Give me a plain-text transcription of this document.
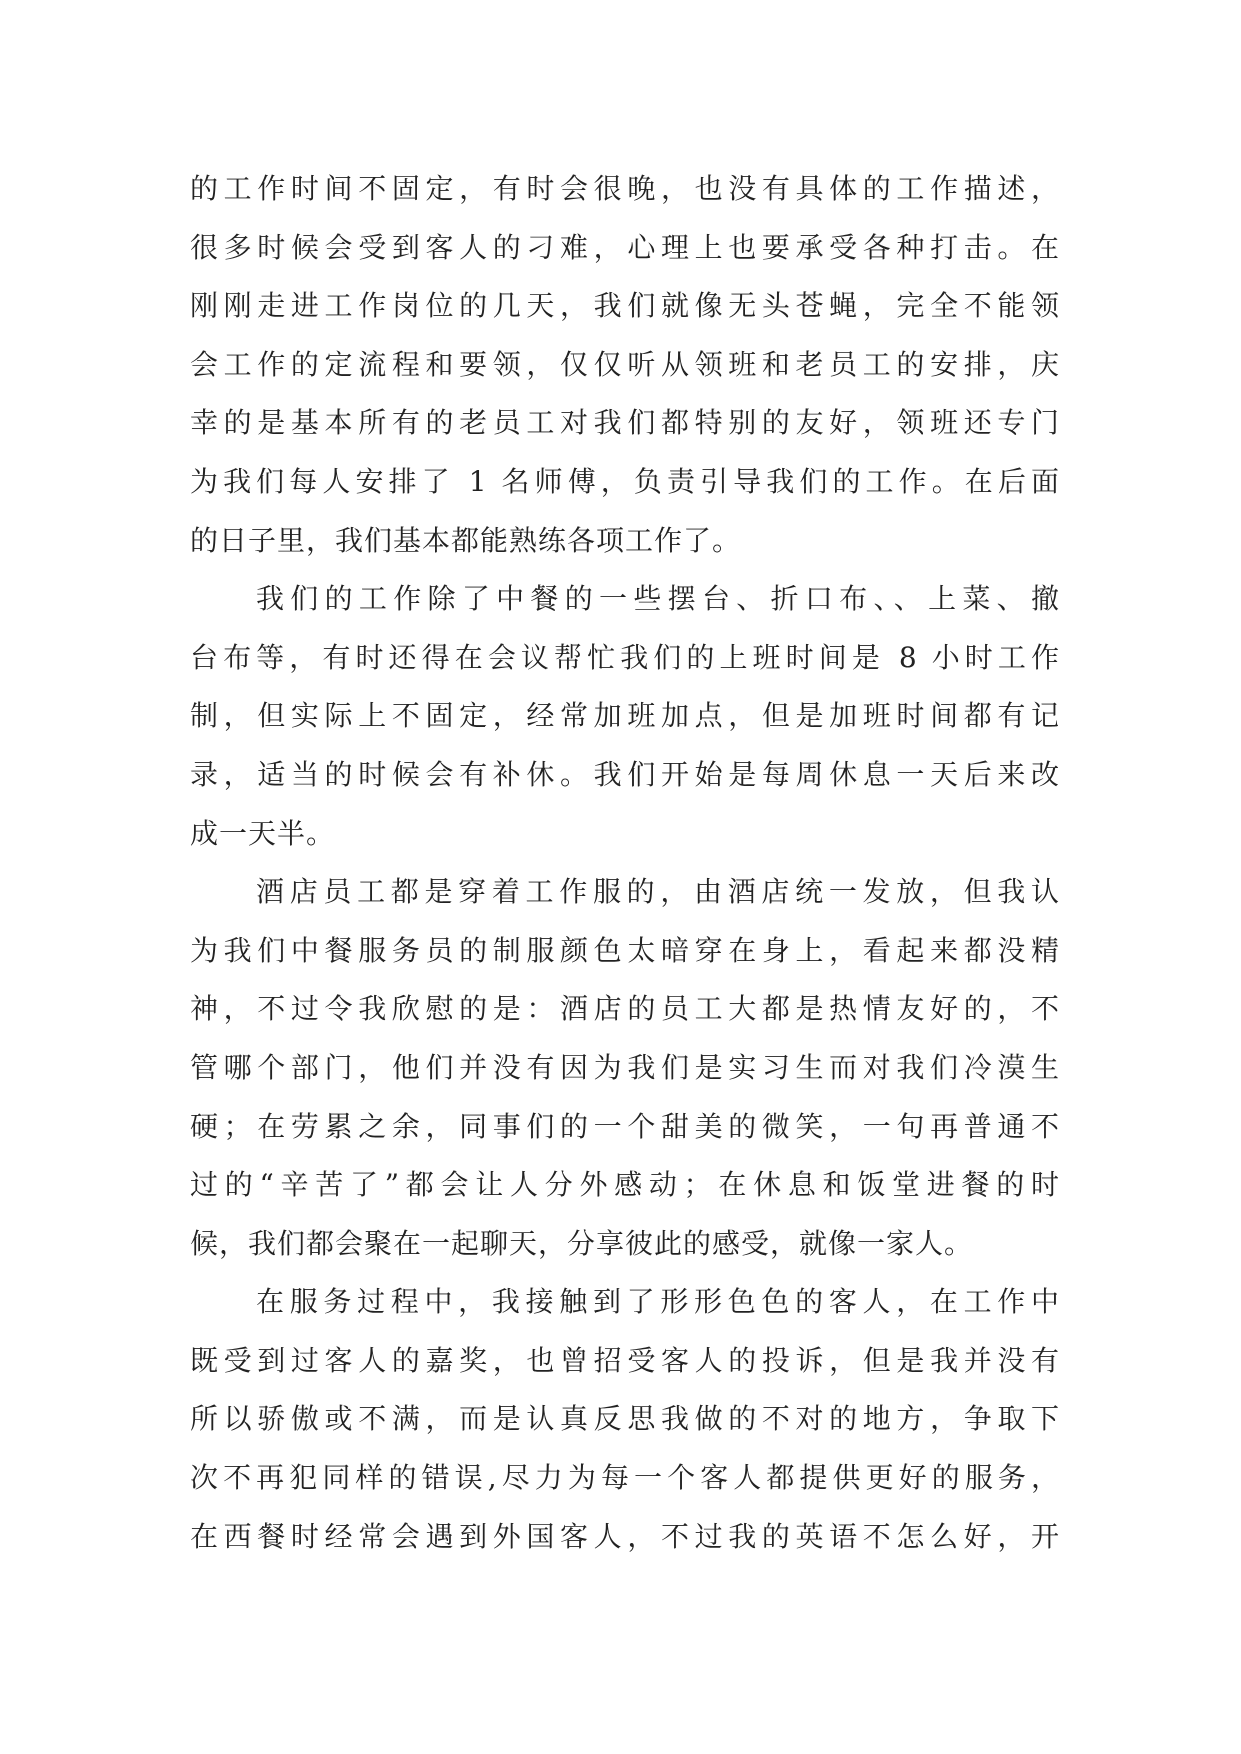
的工作时间不固定，有时会很晚，也没有具体的工作描述，
很多时候会受到客人的刁难，心理上也要承受各种打击。在
刚刚走进工作岗位的几天，我们就像无头苍蝇，完全不能领
会工作的定流程和要领，仅仅听从领班和老员工的安排，庆
幸的是基本所有的老员工对我们都特别的友好，领班还专门
为我们每人安排了 1 名师傅，负责引导我们的工作。在后面
的日子里，我们基本都能熟练各项工作了。
我们的工作除了中餐的一些摆台、折口布、、上菜、撤
台布等，有时还得在会议帮忙我们的上班时间是 8 小时工作
制，但实际上不固定，经常加班加点，但是加班时间都有记
录，适当的时候会有补休。我们开始是每周休息一天后来改
成一天半。
酒店员工都是穿着工作服的，由酒店统一发放，但我认
为我们中餐服务员的制服颜色太暗穿在身上，看起来都没精
神，不过令我欣慰的是：酒店的员工大都是热情友好的，不
管哪个部门，他们并没有因为我们是实习生而对我们冷漠生
硬；在劳累之余，同事们的一个甜美的微笑，一句再普通不
过的“辛苦了”都会让人分外感动；在休息和饭堂进餐的时
候，我们都会聚在一起聊天，分享彼此的感受，就像一家人。
在服务过程中，我接触到了形形色色的客人，在工作中
既受到过客人的嘉奖，也曾招受客人的投诉，但是我并没有
所以骄傲或不满，而是认真反思我做的不对的地方，争取下
次不再犯同样的错误,尽力为每一个客人都提供更好的服务，
在西餐时经常会遇到外国客人，不过我的英语不怎么好，开
